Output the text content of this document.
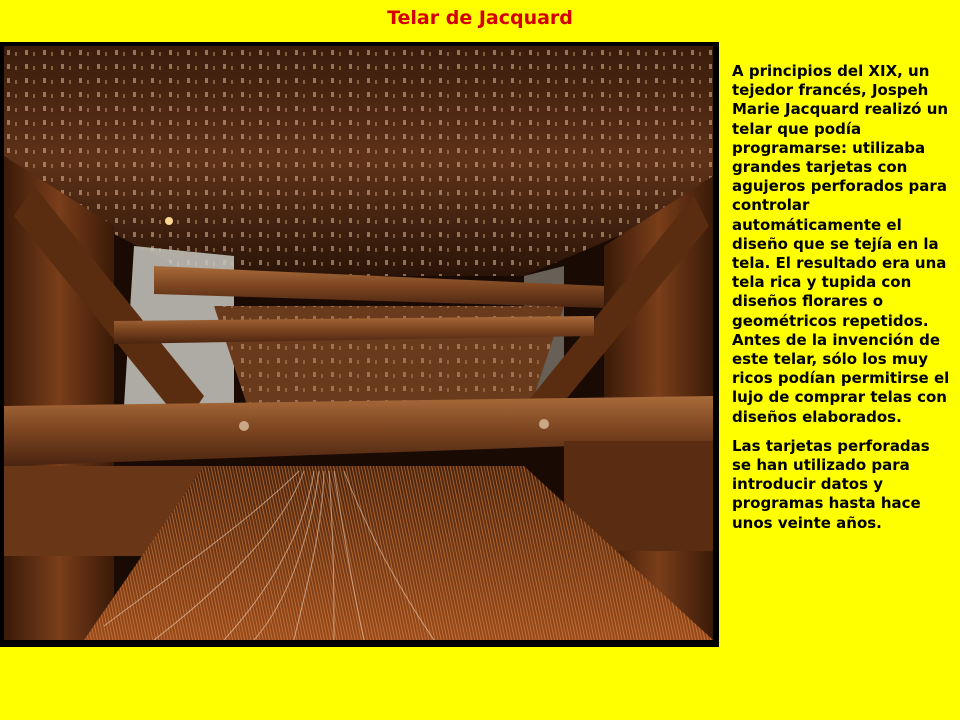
Telar de Jacquard

A principios del XIX, un tejedor francés, Jospeh Marie Jacquard realizó un telar que podía programarse: utilizaba grandes tarjetas con agujeros perforados para controlar automáticamente el diseño que se tejía en la tela. El resultado era una tela rica y tupida con diseños florares o geométricos repetidos. Antes de la invención de este telar, sólo los muy ricos podían permitirse el lujo de comprar telas con diseños elaborados.

Las tarjetas perforadas se han utilizado para introducir datos y programas hasta hace unos veinte años.
